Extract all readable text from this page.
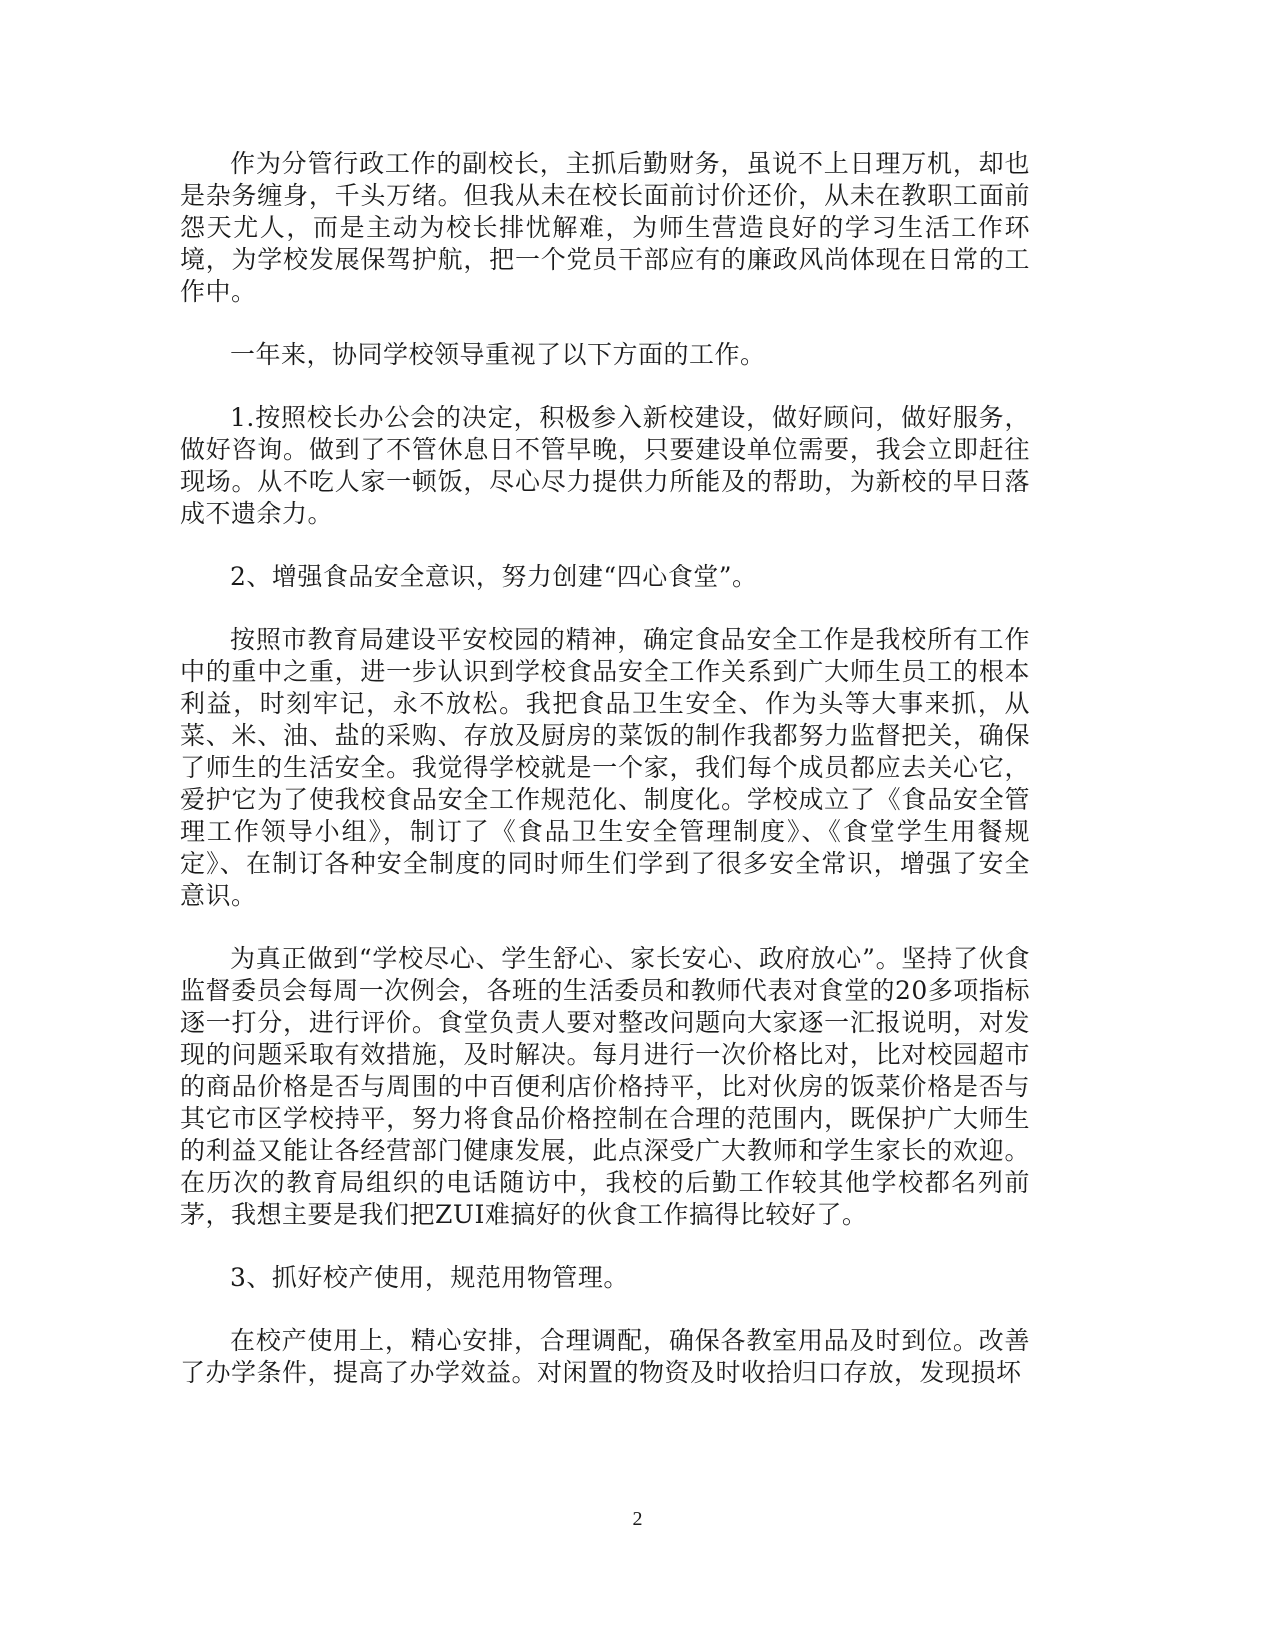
作为分管行政工作的副校长，主抓后勤财务，虽说不上日理万机，却也是杂务缠身，千头万绪。但我从未在校长面前讨价还价，从未在教职工面前怨天尤人，而是主动为校长排忧解难，为师生营造良好的学习生活工作环境，为学校发展保驾护航，把一个党员干部应有的廉政风尚体现在日常的工作中。

一年来，协同学校领导重视了以下方面的工作。

1.按照校长办公会的决定，积极参入新校建设，做好顾问，做好服务，做好咨询。做到了不管休息日不管早晚，只要建设单位需要，我会立即赶往现场。从不吃人家一顿饭，尽心尽力提供力所能及的帮助，为新校的早日落成不遗余力。

2、增强食品安全意识，努力创建“四心食堂”。

按照市教育局建设平安校园的精神，确定食品安全工作是我校所有工作中的重中之重，进一步认识到学校食品安全工作关系到广大师生员工的根本利益，时刻牢记，永不放松。我把食品卫生安全、作为头等大事来抓，从菜、米、油、盐的采购、存放及厨房的菜饭的制作我都努力监督把关，确保了师生的生活安全。我觉得学校就是一个家，我们每个成员都应去关心它，爱护它为了使我校食品安全工作规范化、制度化。学校成立了《食品安全管理工作领导小组》，制订了《食品卫生安全管理制度》、《食堂学生用餐规定》、在制订各种安全制度的同时师生们学到了很多安全常识，增强了安全意识。

为真正做到“学校尽心、学生舒心、家长安心、政府放心”。坚持了伙食监督委员会每周一次例会，各班的生活委员和教师代表对食堂的20多项指标逐一打分，进行评价。食堂负责人要对整改问题向大家逐一汇报说明，对发现的问题采取有效措施，及时解决。每月进行一次价格比对，比对校园超市的商品价格是否与周围的中百便利店价格持平，比对伙房的饭菜价格是否与其它市区学校持平，努力将食品价格控制在合理的范围内，既保护广大师生的利益又能让各经营部门健康发展，此点深受广大教师和学生家长的欢迎。在历次的教育局组织的电话随访中，我校的后勤工作较其他学校都名列前茅，我想主要是我们把ZUI难搞好的伙食工作搞得比较好了。

3、抓好校产使用，规范用物管理。

在校产使用上，精心安排，合理调配，确保各教室用品及时到位。改善了办学条件，提高了办学效益。对闲置的物资及时收拾归口存放，发现损坏

2
